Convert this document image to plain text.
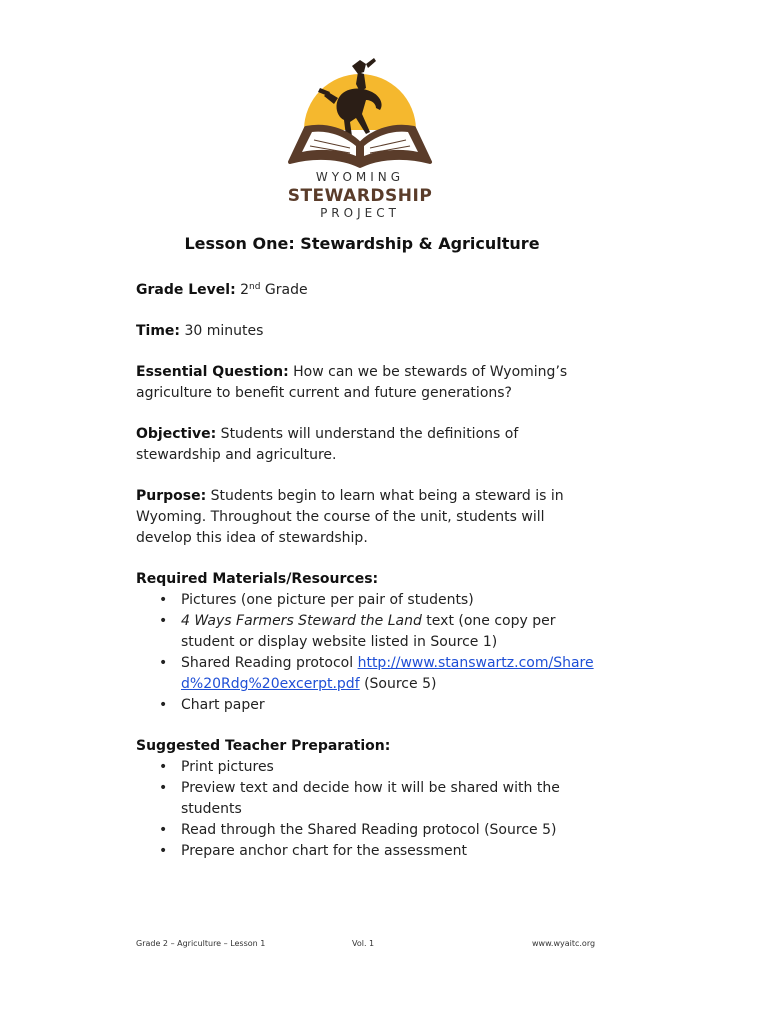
WYOMING
STEWARDSHIP
PROJECT
Lesson One: Stewardship & Agriculture

Grade Level: 2nd Grade

Time: 30 minutes

Essential Question: How can we be stewards of Wyoming’s agriculture to benefit current and future generations?

Objective: Students will understand the definitions of stewardship and agriculture.

Purpose: Students begin to learn what being a steward is in Wyoming. Throughout the course of the unit, students will develop this idea of stewardship.

Required Materials/Resources:

• Pictures (one picture per pair of students)
• 4 Ways Farmers Steward the Land text (one copy per student or display website listed in Source 1)
• Shared Reading protocol http://www.stanswartz.com/Shared%20Rdg%20excerpt.pdf (Source 5)
• Chart paper

Suggested Teacher Preparation:

• Print pictures
• Preview text and decide how it will be shared with the students
• Read through the Shared Reading protocol (Source 5)
• Prepare anchor chart for the assessment
Grade 2 – Agriculture – Lesson 1	Vol. 1	www.wyaitc.org
